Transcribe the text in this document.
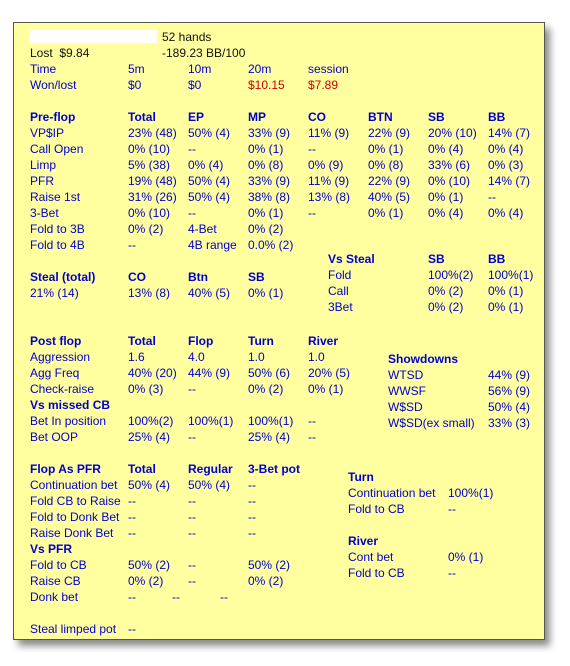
52 hands
Lost  $9.84	-189.23 BB/100
Time	5m	10m	20m	session
Won/lost	$0	$0	$10.15 $7.89
Pre-flop	Total	EP	MP	CO	BTN	SB	BB
VP$IP	23% (48) 50% (4) 33% (9) 11% (9) 22% (9) 20% (10) 14% (7)
Call Open	0% (10) --	0% (1) --	0% (1) 0% (4) 0% (4)
Limp	5% (38) 0% (4) 0% (8) 0% (9) 0% (8) 33% (6) 0% (3)
PFR	19% (48) 50% (4) 33% (9) 11% (9) 22% (9) 0% (10) 14% (7)
Raise 1st	31% (26) 50% (4) 38% (8) 13% (8) 40% (5) 0% (1) --
3-Bet	0% (10) --	0% (1) --	0% (1) 0% (4) 0% (4)
Fold to 3B	0% (2) 4-Bet	0% (2)
Fold to 4B	--	4B range 0.0% (2)
Vs Steal	SB	BB
Fold	100%(2) 100%(1)
Call	0% (2) 0% (1)
3Bet	0% (2) 0% (1)
Steal (total)	CO	Btn	SB
21% (14)	13% (8) 40% (5) 0% (1)
Post flop	Total	Flop	Turn	River
Aggression	1.6	4.0	1.0	1.0
Agg Freq	40% (20) 44% (9) 50% (6) 20% (5)
Check-raise	0% (3) --	0% (2) 0% (1)
Vs missed CB
Bet In position 100%(2) 100%(1) 100%(1) --
Bet OOP	25% (4) --	25% (4) --
Showdowns
WTSD	44% (9)
WWSF	56% (9)
W$SD	50% (4)
W$SD(ex small) 33% (3)
Flop As PFR Total	Regular 3-Bet pot
Continuation bet 50% (4) 50% (4) --
Fold CB to Raise --	--	--
Fold to Donk Bet --	--	--
Raise Donk Bet --	--	--
Vs PFR
Fold to CB	50% (2) --	50% (2)
Raise CB	0% (2) --	0% (2)
Donk bet	--	--	--
Turn
Continuation bet 100%(1)
Fold to CB	--
River
Cont bet	0% (1)
Fold to CB	--
Steal limped pot --
